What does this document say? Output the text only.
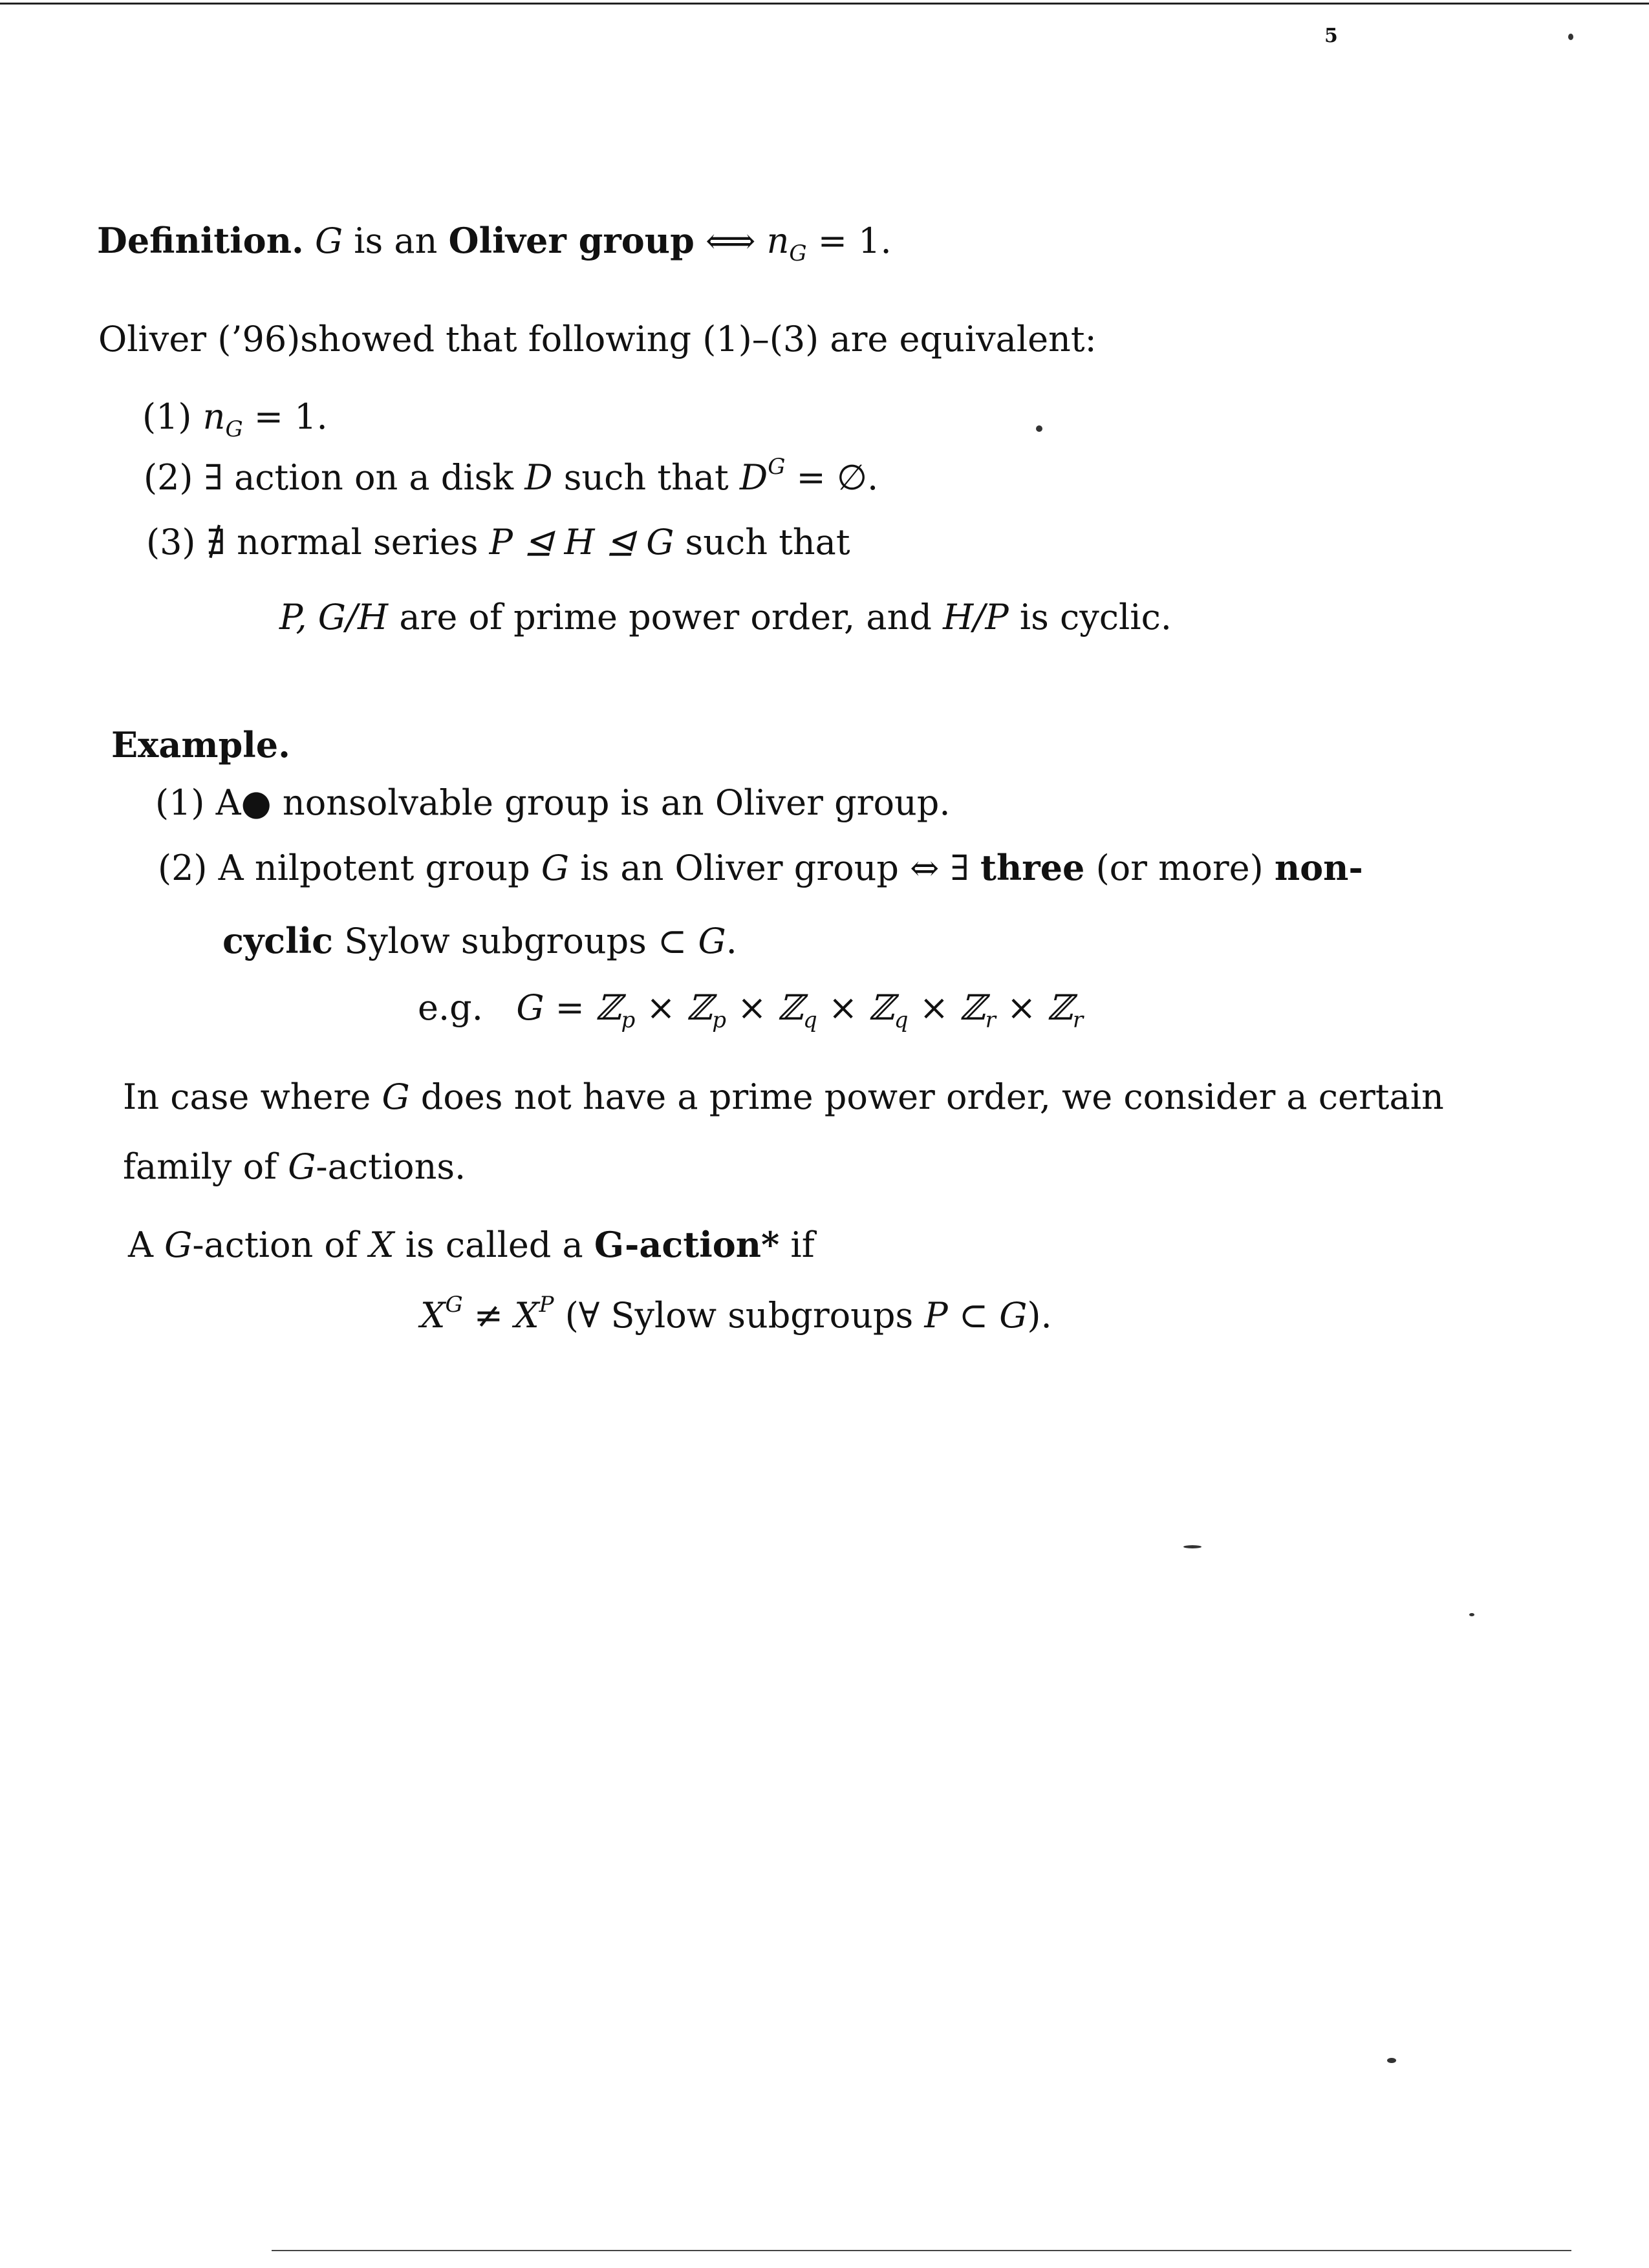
5
Definition. G is an Oliver group ⟺ $n_G = 1$.
Oliver (’96)showed that following (1)–(3) are equivalent:
(1) $n_G = 1$.
(2) ∃ action on a disk D such that $D^G$ = ∅.
(3) ∄ normal series P ⊴ H ⊴ G such that
P, G/H are of prime power order, and H/P is cyclic.
Example.
(1) A● nonsolvable group is an Oliver group.
(2) A nilpotent group G is an Oliver group ⇔ ∃ three (or more) non-
cyclic Sylow subgroups ⊂ G.
e.g. G = ℤ$_p$ × ℤ$_p$ × ℤ$_q$ × ℤ$_q$ × ℤ$_r$ × ℤ$_r$
In case where G does not have a prime power order, we consider a certain
family of G-actions.
A G-action of X is called a G-action* if
$X^G \ne X^P$ (∀ Sylow subgroups P ⊂ G).
